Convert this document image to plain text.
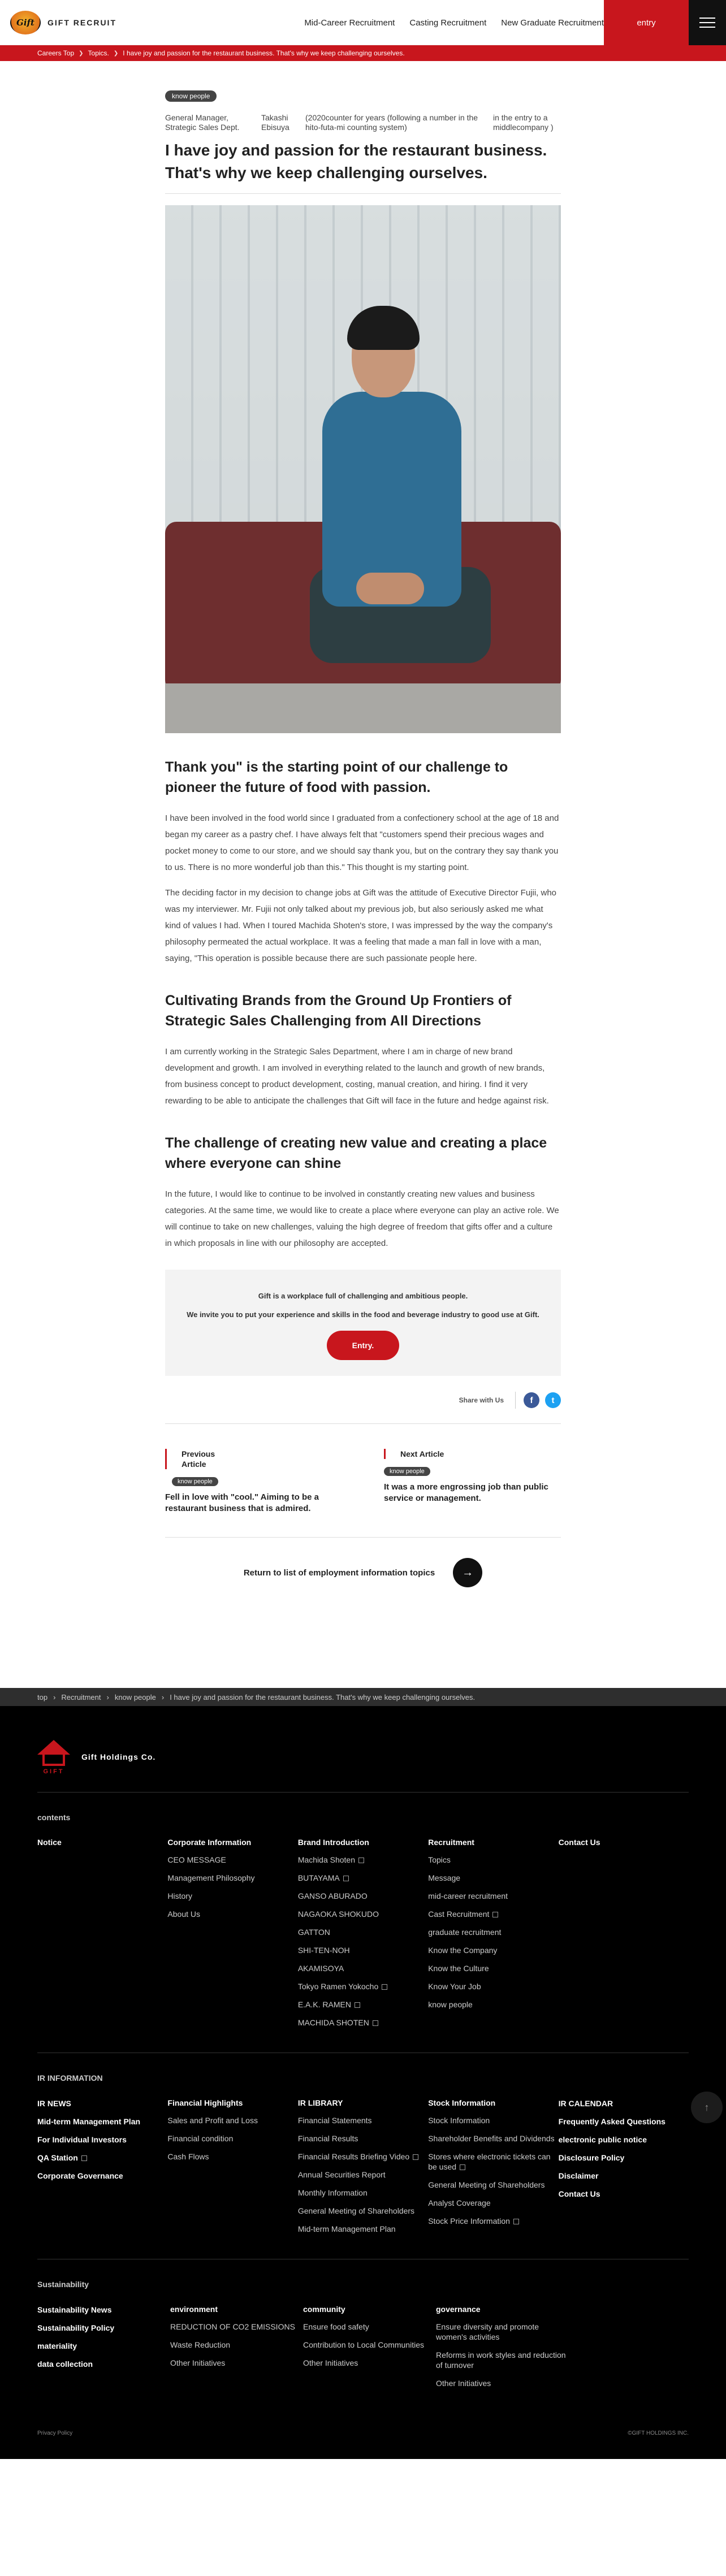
Gift GIFT RECRUIT	Mid-Career Recruitment Casting Recruitment New Graduate Recruitment	entry
Careers Top ❯ Topics. ❯ I have joy and passion for the restaurant business. That's why we keep challenging ourselves.
know people
General Manager, Strategic Sales Dept.
Takashi Ebisuya
(2020counter for years (following a number in the hito-futa-mi counting system)
in the entry to a middlecompany )
I have joy and passion for the restaurant business. That's why we keep challenging ourselves.
Thank you" is the starting point of our challenge to pioneer the future of food with passion.

I have been involved in the food world since I graduated from a confectionery school at the age of 18 and began my career as a pastry chef. I have always felt that "customers spend their precious wages and pocket money to come to our store, and we should say thank you, but on the contrary they say thank you to us. There is no more wonderful job than this." This thought is my starting point.

The deciding factor in my decision to change jobs at Gift was the attitude of Executive Director Fujii, who was my interviewer. Mr. Fujii not only talked about my previous job, but also seriously asked me what kind of values I had. When I toured Machida Shoten's store, I was impressed by the way the company's philosophy permeated the actual workplace. It was a feeling that made a man fall in love with a man, saying, "This operation is possible because there are such passionate people here.

Cultivating Brands from the Ground Up Frontiers of Strategic Sales Challenging from All Directions

I am currently working in the Strategic Sales Department, where I am in charge of new brand development and growth. I am involved in everything related to the launch and growth of new brands, from business concept to product development, costing, manual creation, and hiring. I find it very rewarding to be able to anticipate the challenges that Gift will face in the future and hedge against risk.

The challenge of creating new value and creating a place where everyone can shine

In the future, I would like to continue to be involved in constantly creating new values and business categories. At the same time, we would like to create a place where everyone can play an active role. We will continue to take on new challenges, valuing the high degree of freedom that gifts offer and a culture in which proposals in line with our philosophy are accepted.

Gift is a workplace full of challenging and ambitious people.

We invite you to put your experience and skills in the food and beverage industry to good use at Gift.

Entry.
Share with Us	f	t
Previous Article
know people
Fell in love with "cool." Aiming to be a restaurant business that is admired.
Next Article
know people
It was a more engrossing job than public service or management.
Return to list of employment information topics	→
top › Recruitment › know people › I have joy and passion for the restaurant business. That's why we keep challenging ourselves.
GIFT
Gift Holdings Co.
contents
Notice	Corporate Information
CEO MESSAGE
Management Philosophy
History
About Us
Brand Introduction
Machida Shoten
BUTAYAMA
GANSO ABURADO
NAGAOKA SHOKUDO
GATTON
SHI-TEN-NOH
AKAMISOYA
Tokyo Ramen Yokocho
E.A.K. RAMEN
MACHIDA SHOTEN
Recruitment
Topics
Message
mid-career recruitment
Cast Recruitment
graduate recruitment
Know the Company
Know the Culture
Know Your Job
know people
Contact Us
IR INFORMATION
IR NEWS
Mid-term Management Plan
For Individual Investors
QA Station
Corporate Governance
Financial Highlights
Sales and Profit and Loss
Financial condition
Cash Flows
IR LIBRARY
Financial Statements
Financial Results
Financial Results Briefing Video
Annual Securities Report
Monthly Information
General Meeting of Shareholders
Mid-term Management Plan
Stock Information
Stock Information
Shareholder Benefits and Dividends
Stores where electronic tickets can be used
General Meeting of Shareholders
Analyst Coverage
Stock Price Information
IR CALENDAR
Frequently Asked Questions
electronic public notice
Disclosure Policy
Disclaimer
Contact Us
Sustainability
Sustainability News
Sustainability Policy
materiality
data collection
environment
REDUCTION OF CO2 EMISSIONS
Waste Reduction
Other Initiatives
community
Ensure food safety
Contribution to Local Communities
Other Initiatives
governance
Ensure diversity and promote women's activities
Reforms in work styles and reduction of turnover
Other Initiatives
↑
Privacy Policy	©GIFT HOLDINGS INC.
